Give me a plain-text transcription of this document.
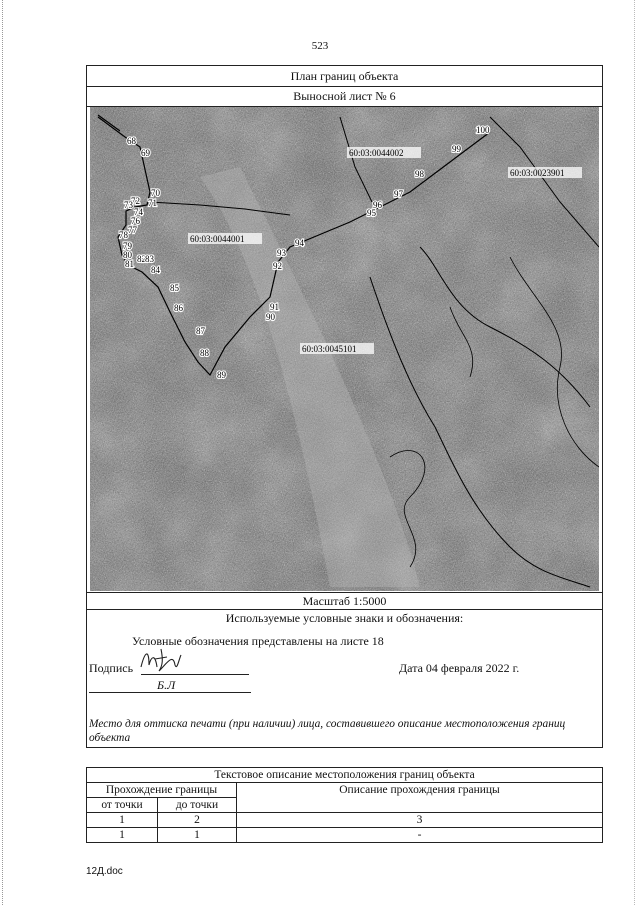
523
План границ объекта
Выносной лист № 6
60:03:0044002
60:03:0023901
60:03:0044001
60:03:0045101
68
69
70
71
72
73
74
76
77
78
79
80
81 82 83
84
85
86
87
88
89
90
91
92
93
94
95
96
97
98
99
100
Масштаб 1:5000
Используемые условные знаки и обозначения:
Условные обозначения представлены на листе 18
Подпись	Дата 04 февраля 2022 г.
Б.Л
Место для оттиска печати (при наличии) лица, составившего описание местоположения границ объекта
Текстовое описание местоположения границ объекта		
Прохождение границы		Описание прохождения границы
от точки	до точки	
1	2	3
1	1	-
12Д.doc
